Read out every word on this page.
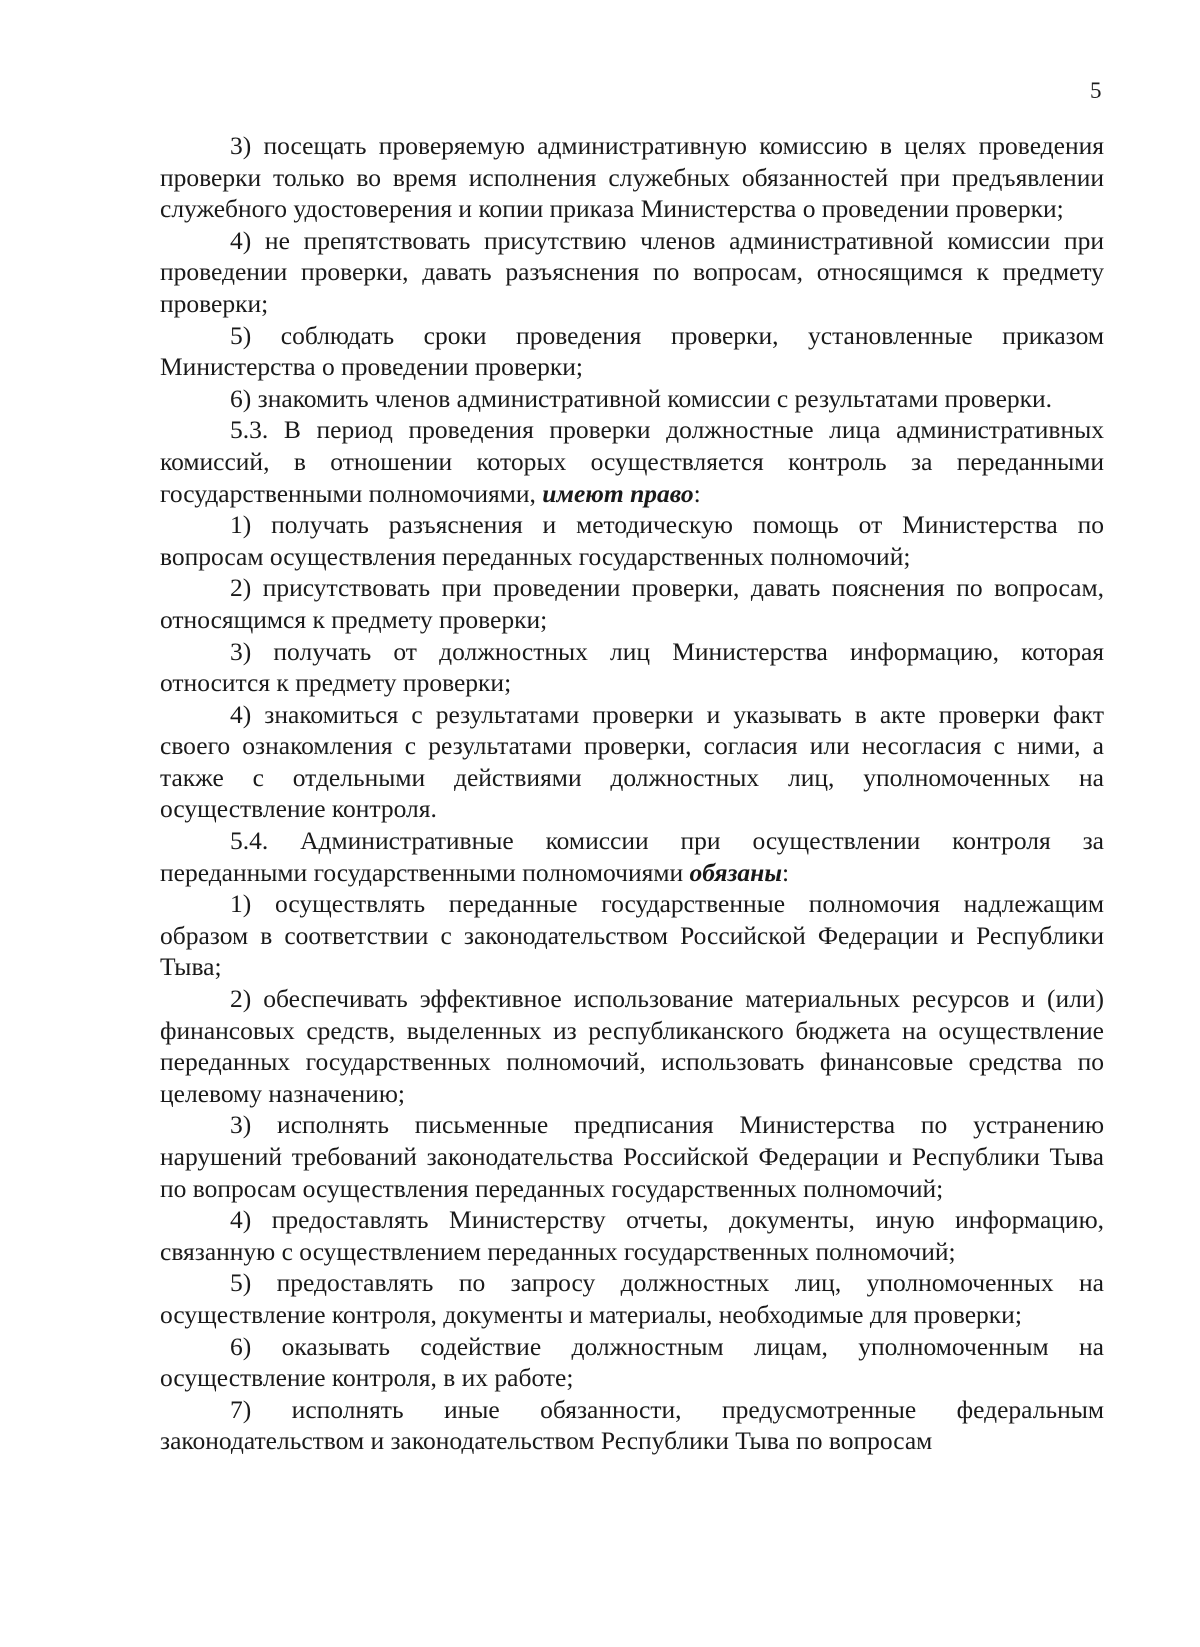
5

3) посещать проверяемую административную комиссию в целях проведения проверки только во время исполнения служебных обязанностей при предъявлении служебного удостоверения и копии приказа Министерства о проведении проверки;

4) не препятствовать присутствию членов административной комиссии при проведении проверки, давать разъяснения по вопросам, относящимся к предмету проверки;

5) соблюдать сроки проведения проверки, установленные приказом Министерства о проведении проверки;

6) знакомить членов административной комиссии с результатами проверки.

5.3. В период проведения проверки должностные лица административных комиссий, в отношении которых осуществляется контроль за переданными государственными полномочиями, имеют право:

1) получать разъяснения и методическую помощь от Министерства по вопросам осуществления переданных государственных полномочий;

2) присутствовать при проведении проверки, давать пояснения по вопросам, относящимся к предмету проверки;

3) получать от должностных лиц Министерства информацию, которая относится к предмету проверки;

4) знакомиться с результатами проверки и указывать в акте проверки факт своего ознакомления с результатами проверки, согласия или несогласия с ними, а также с отдельными действиями должностных лиц, уполномоченных на осуществление контроля.

5.4. Административные комиссии при осуществлении контроля за переданными государственными полномочиями обязаны:

1) осуществлять переданные государственные полномочия надлежащим образом в соответствии с законодательством Российской Федерации и Республики Тыва;

2) обеспечивать эффективное использование материальных ресурсов и (или) финансовых средств, выделенных из республиканского бюджета на осуществление переданных государственных полномочий, использовать финансовые средства по целевому назначению;

3) исполнять письменные предписания Министерства по устранению нарушений требований законодательства Российской Федерации и Республики Тыва по вопросам осуществления переданных государственных полномочий;

4) предоставлять Министерству отчеты, документы, иную информацию, связанную с осуществлением переданных государственных полномочий;

5) предоставлять по запросу должностных лиц, уполномоченных на осуществление контроля, документы и материалы, необходимые для проверки;

6) оказывать содействие должностным лицам, уполномоченным на осуществление контроля, в их работе;

7) исполнять иные обязанности, предусмотренные федеральным законодательством и законодательством Республики Тыва по вопросам
